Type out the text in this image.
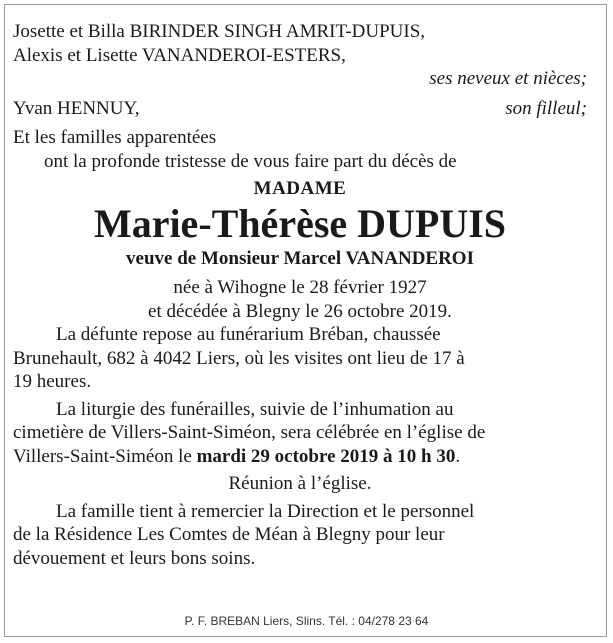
Josette et Billa BIRINDER SINGH AMRIT-DUPUIS,
Alexis et Lisette VANANDEROI-ESTERS,
ses neveux et nièces;
Yvan HENNUY,	son filleul;
Et les familles apparentées
ont la profonde tristesse de vous faire part du décès de
MADAME
Marie-Thérèse DUPUIS
veuve de Monsieur Marcel VANANDEROI
née à Wihogne le 28 février 1927
et décédée à Blegny le 26 octobre 2019.
La défunte repose au funérarium Bréban, chaussée
Brunehault, 682 à 4042 Liers, où les visites ont lieu de 17 à
19 heures.
La liturgie des funérailles, suivie de l’inhumation au
cimetière de Villers-Saint-Siméon, sera célébrée en l’église de
Villers-Saint-Siméon le mardi 29 octobre 2019 à 10 h 30.
Réunion à l’église.
La famille tient à remercier la Direction et le personnel
de la Résidence Les Comtes de Méan à Blegny pour leur
dévouement et leurs bons soins.
P. F. BREBAN Liers, Slins. Tél. : 04/278 23 64
